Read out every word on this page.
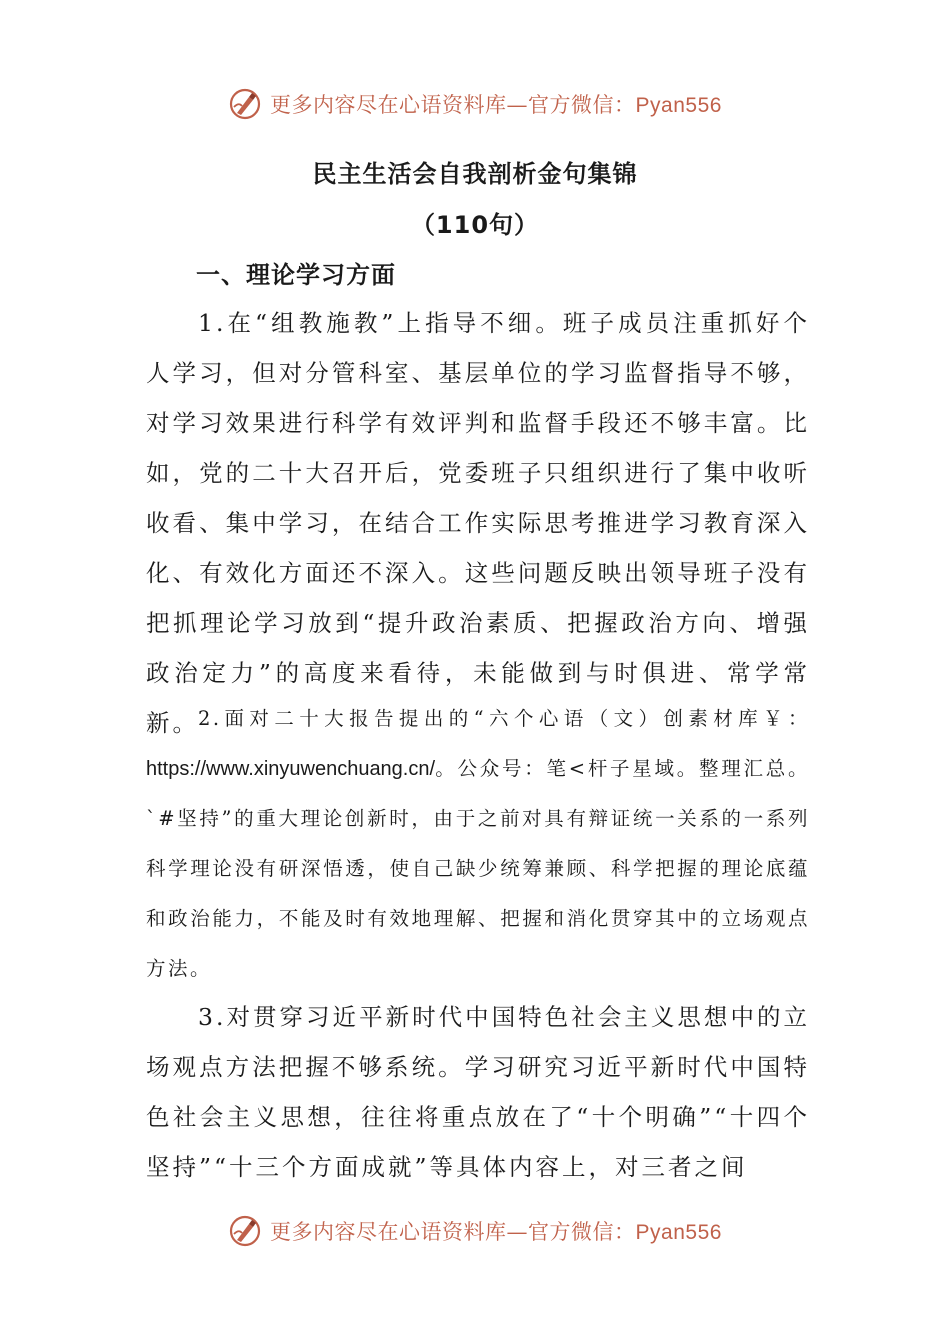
更多内容尽在心语资料库—官方微信：Pyan556
民主生活会自我剖析金句集锦
（110句）
一、理论学习方面

1.在“组教施教”上指导不细。班子成员注重抓好个人学习，但对分管科室、基层单位的学习监督指导不够，对学习效果进行科学有效评判和监督手段还不够丰富。比如，党的二十大召开后，党委班子只组织进行了集中收听收看、集中学习，在结合工作实际思考推进学习教育深入化、有效化方面还不深入。这些问题反映出领导班子没有把抓理论学习放到“提升政治素质、把握政治方向、增强政治定力”的高度来看待，未能做到与时俱进、常学常新。 2.面对二十大报告提出的“六个心语（文）创素材库￥：https://www.xinyuwenchuang.cn/。公众号：笔<杆子星域。整理汇总。`#坚持”的重大理论创新时，由于之前对具有辩证统一关系的一系列科学理论没有研深悟透，使自己缺少统筹兼顾、科学把握的理论底蕴和政治能力，不能及时有效地理解、把握和消化贯穿其中的立场观点方法。

3.对贯穿习近平新时代中国特色社会主义思想中的立场观点方法把握不够系统。学习研究习近平新时代中国特色社会主义思想，往往将重点放在了“十个明确”“十四个坚持”“十三个方面成就”等具体内容上，对三者之间

更多内容尽在心语资料库—官方微信：Pyan556
